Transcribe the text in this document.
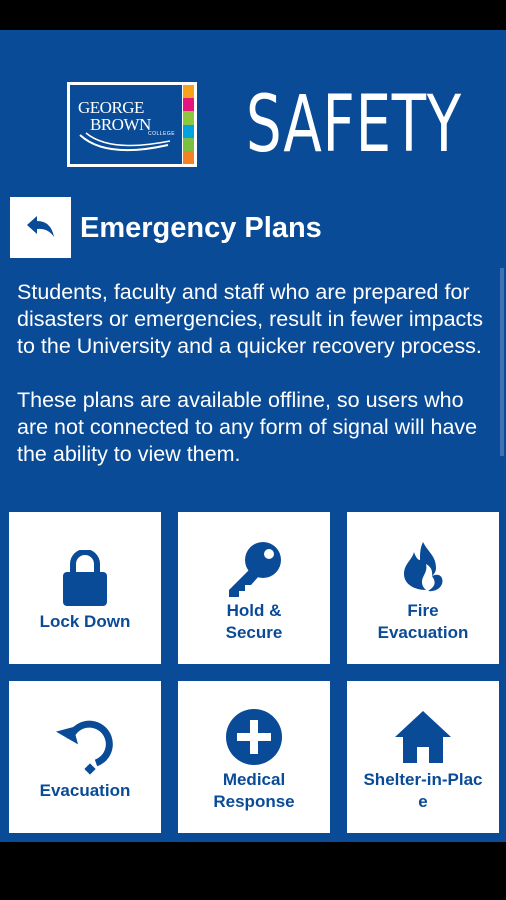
GEORGE
BROWN
COLLEGE SAFETY
Emergency Plans

Students, faculty and staff who are prepared for disasters or emergencies, result in fewer impacts to the University and a quicker recovery process.

These plans are available offline, so users who are not connected to any form of signal will have the ability to view them.

Lock Down
Hold & Secure
Fire Evacuation
Evacuation
Medical Response
Shelter-in-Place
